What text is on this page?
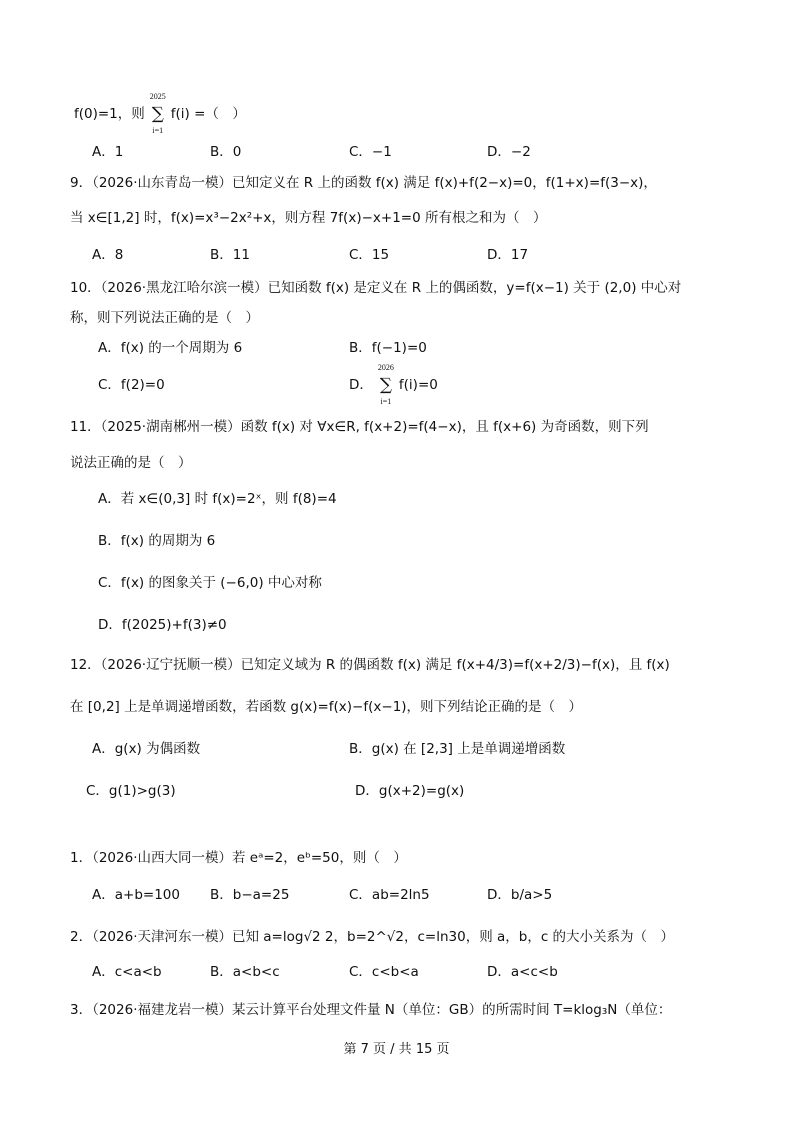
f(0)=1，则
2025
∑
i=1
f(i) =（　）
A．1	B．0	C．−1	D．−2
9．（2026·山东青岛一模）已知定义在 R 上的函数 f(x) 满足 f(x)+f(2−x)=0，f(1+x)=f(3−x)，
当 x∈[1,2] 时，f(x)=x³−2x²+x，则方程 7f(x)−x+1=0 所有根之和为（　）
A．8	B．11	C．15	D．17
10．（2026·黑龙江哈尔滨一模）已知函数 f(x) 是定义在 R 上的偶函数，y=f(x−1) 关于 (2,0) 中心对
称，则下列说法正确的是（　）
A．f(x) 的一个周期为 6	B．f(−1)=0
C．f(2)=0	D．
2026
∑
i=1
f(i)=0
11．（2025·湖南郴州一模）函数 f(x) 对 ∀x∈R, f(x+2)=f(4−x)，且 f(x+6) 为奇函数，则下列
说法正确的是（　）
A．若 x∈(0,3] 时 f(x)=2ˣ，则 f(8)=4
B．f(x) 的周期为 6
C．f(x) 的图象关于 (−6,0) 中心对称
D．f(2025)+f(3)≠0
12．（2026·辽宁抚顺一模）已知定义域为 R 的偶函数 f(x) 满足 f(x+4/3)=f(x+2/3)−f(x)，且 f(x)
在 [0,2] 上是单调递增函数，若函数 g(x)=f(x)−f(x−1)，则下列结论正确的是（　）
A．g(x) 为偶函数	B．g(x) 在 [2,3] 上是单调递增函数
C．g(1)>g(3)	D．g(x+2)=g(x)
1．（2026·山西大同一模）若 eᵃ=2，eᵇ=50，则（　）
A．a+b=100 B．b−a=25	C．ab=2ln5	D．b/a>5
2．（2026·天津河东一模）已知 a=log√2 2，b=2^√2，c=ln30，则 a，b，c 的大小关系为（　）
A．c<a<b	B．a<b<c	C．c<b<a	D．a<c<b
3．（2026·福建龙岩一模）某云计算平台处理文件量 N（单位：GB）的所需时间 T=klog₃N（单位：
第 7 页 / 共 15 页
